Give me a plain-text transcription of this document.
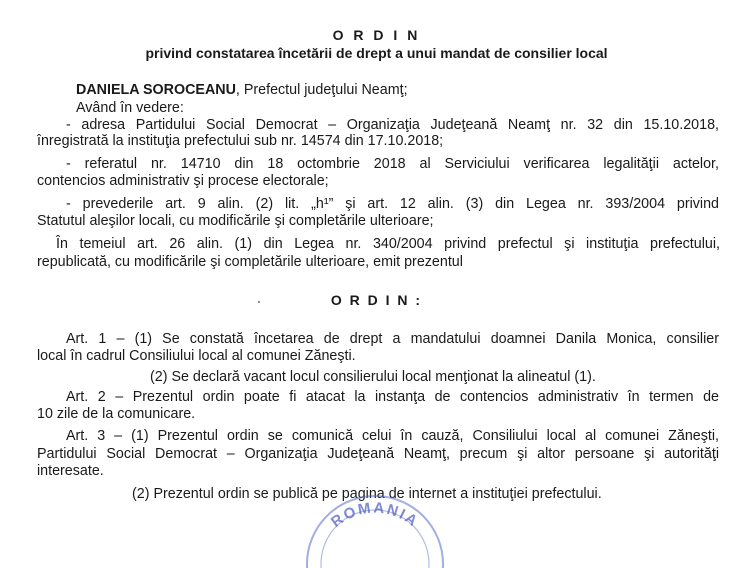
O R D I N
privind constatarea încetării de drept a unui mandat de consilier local
DANIELA SOROCEANU, Prefectul judeţului Neamţ;
Având în vedere:
- adresa Partidului Social Democrat – Organizaţia Judeţeană Neamţ nr. 32 din 15.10.2018,
înregistrată la instituţia prefectului sub nr. 14574 din 17.10.2018;
- referatul nr. 14710 din 18 octombrie 2018 al Serviciului verificarea legalităţii actelor,
contencios administrativ şi procese electorale;
- prevederile art. 9 alin. (2) lit. „h¹” şi art. 12 alin. (3) din Legea nr. 393/2004 privind
Statutul aleşilor locali, cu modificările şi completările ulterioare;
În temeiul art. 26 alin. (1) din Legea nr. 340/2004 privind prefectul şi instituţia prefectului,
republicată, cu modificările şi completările ulterioare, emit prezentul
O R D I N :
Art. 1 – (1) Se constată încetarea de drept a mandatului doamnei Danila Monica, consilier
local în cadrul Consiliului local al comunei Zăneşti.
(2) Se declară vacant locul consilierului local menţionat la alineatul (1).
Art. 2 – Prezentul ordin poate fi atacat la instanţa de contencios administrativ în termen de
10 zile de la comunicare.
Art. 3 – (1) Prezentul ordin se comunică celui în cauză, Consiliului local al comunei Zăneşti,
Partidului Social Democrat – Organizaţia Judeţeană Neamţ, precum şi altor persoane şi autorităţi
interesate.
(2) Prezentul ordin se publică pe pagina de internet a instituţiei prefectului.
ROMANIA
